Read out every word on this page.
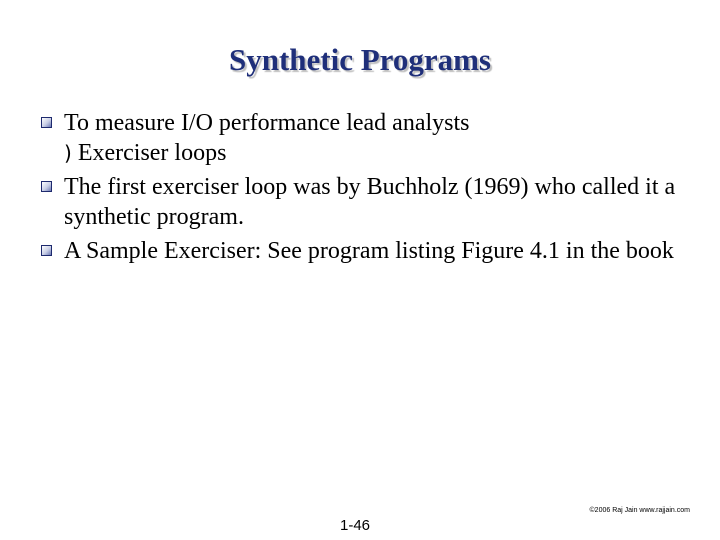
Synthetic Programs
To measure I/O performance lead analysts
) Exerciser loops
The first exerciser loop was by Buchholz (1969) who called it a synthetic program.
A Sample Exerciser: See program listing Figure 4.1 in the book
©2006 Raj Jain www.rajjain.com
1-46
